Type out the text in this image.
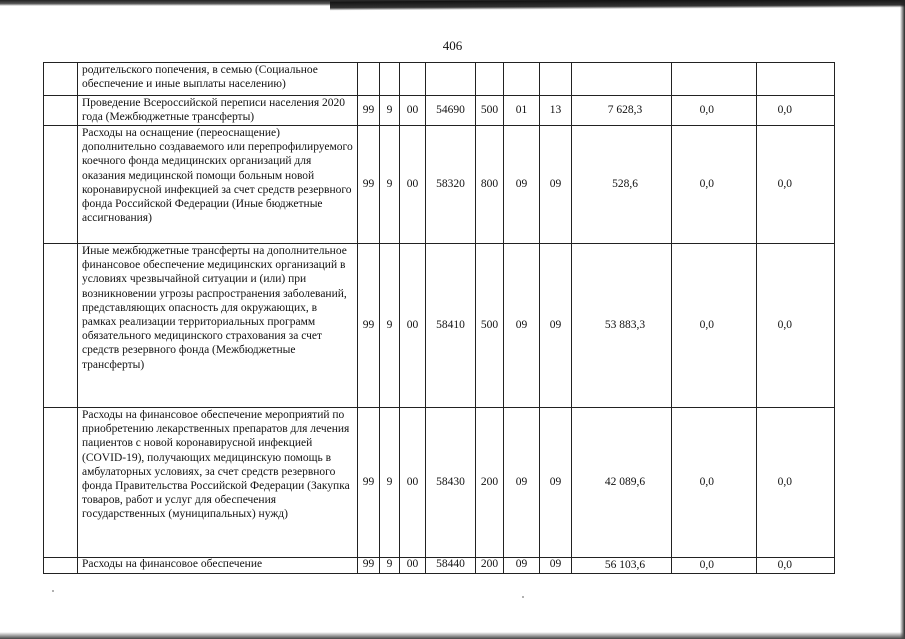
406
	родительского попечения, в семью (Социальное обеспечение и иные выплаты населению)										
	Проведение Всероссийской переписи населения 2020 года (Межбюджетные трансферты)	99	9	00	54690	500	01	13	7 628,3	0,0	0,0
	Расходы на оснащение (переоснащение) дополнительно создаваемого или перепрофилируемого коечного фонда медицинских организаций для оказания медицинской помощи больным новой коронавирусной инфекцией за счет средств резервного фонда Российской Федерации (Иные бюджетные ассигнования)	99	9	00	58320	800	09	09	528,6	0,0	0,0
	Иные межбюджетные трансферты на дополнительное финансовое обеспечение медицинских организаций в условиях чрезвычайной ситуации и (или) при возникновении угрозы распространения заболеваний, представляющих опасность для окружающих, в рамках реализации территориальных программ обязательного медицинского страхования за счет средств резервного фонда (Межбюджетные трансферты)	99	9	00	58410	500	09	09	53 883,3	0,0	0,0
	Расходы на финансовое обеспечение мероприятий по приобретению лекарственных препаратов для лечения пациентов с новой коронавирусной инфекцией (COVID-19), получающих медицинскую помощь в амбулаторных условиях, за счет средств резервного фонда Правительства Российской Федерации (Закупка товаров, работ и услуг для обеспечения государственных (муниципальных) нужд)	99	9	00	58430	200	09	09	42 089,6	0,0	0,0
	Расходы на финансовое обеспечение	99	9	00	58440	200	09	09	56 103,6	0,0	0,0
